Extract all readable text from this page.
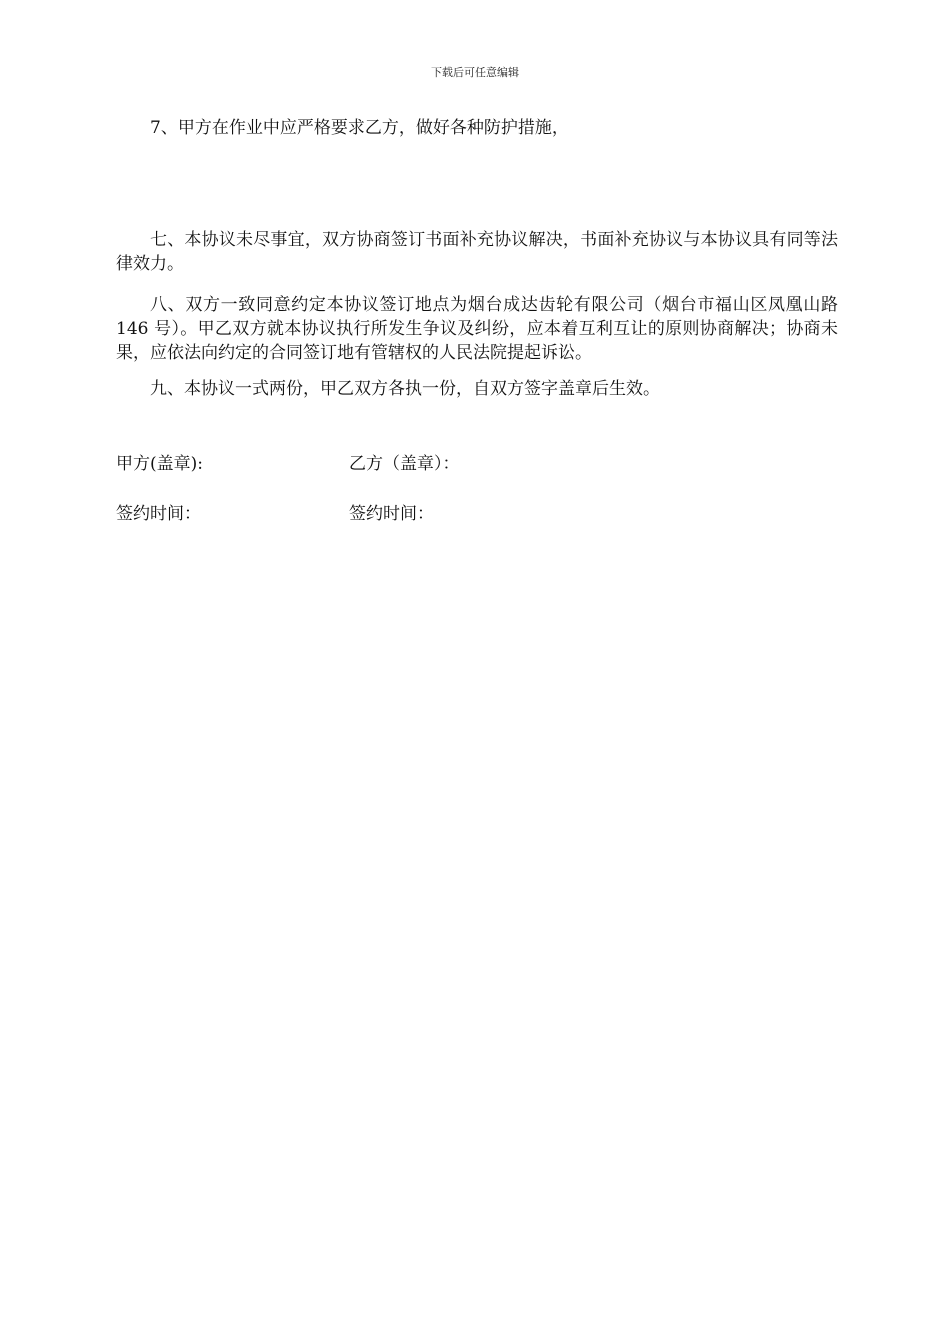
下载后可任意编辑

7、甲方在作业中应严格要求乙方，做好各种防护措施，

七、本协议未尽事宜，双方协商签订书面补充协议解决，书面补充协议与本协议具有同等法律效力。

八、双方一致同意约定本协议签订地点为烟台成达齿轮有限公司（烟台市福山区凤凰山路 146 号）。甲乙双方就本协议执行所发生争议及纠纷，应本着互利互让的原则协商解决；协商未果，应依法向约定的合同签订地有管辖权的人民法院提起诉讼。

九、本协议一式两份，甲乙双方各执一份，自双方签字盖章后生效。

甲方(盖章):	乙方（盖章）：
签约时间：	签约时间：
